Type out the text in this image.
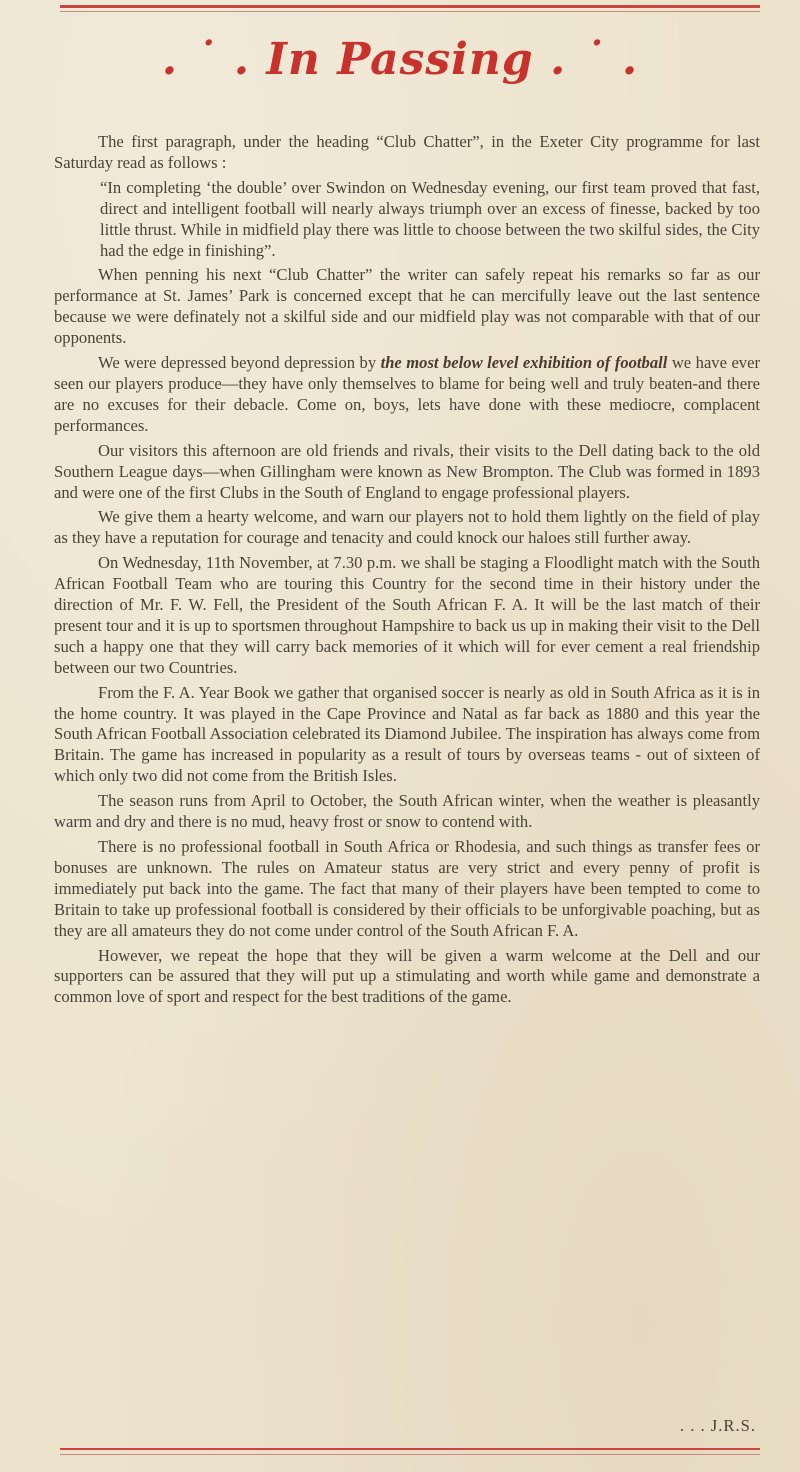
. ˙ . In Passing . ˙ .

The first paragraph, under the heading “Club Chatter”, in the Exeter City programme for last Saturday read as follows :

“In completing ‘the double’ over Swindon on Wednesday evening, our first team proved that fast, direct and intelligent football will nearly always triumph over an excess of finesse, backed by too little thrust. While in midfield play there was little to choose between the two skilful sides, the City had the edge in finishing”.

When penning his next “Club Chatter” the writer can safely repeat his remarks so far as our performance at St. James’ Park is concerned except that he can mercifully leave out the last sentence because we were definately not a skilful side and our midfield play was not comparable with that of our opponents.

We were depressed beyond depression by the most below level exhibition of football we have ever seen our players produce—they have only themselves to blame for being well and truly beaten-and there are no excuses for their debacle. Come on, boys, lets have done with these mediocre, complacent performances.

Our visitors this afternoon are old friends and rivals, their visits to the Dell dating back to the old Southern League days—when Gillingham were known as New Brompton. The Club was formed in 1893 and were one of the first Clubs in the South of England to engage professional players.

We give them a hearty welcome, and warn our players not to hold them lightly on the field of play as they have a reputation for courage and tenacity and could knock our haloes still further away.

On Wednesday, 11th November, at 7.30 p.m. we shall be staging a Floodlight match with the South African Football Team who are touring this Country for the second time in their history under the direction of Mr. F. W. Fell, the President of the South African F. A. It will be the last match of their present tour and it is up to sportsmen throughout Hampshire to back us up in making their visit to the Dell such a happy one that they will carry back memories of it which will for ever cement a real friendship between our two Countries.

From the F. A. Year Book we gather that organised soccer is nearly as old in South Africa as it is in the home country. It was played in the Cape Province and Natal as far back as 1880 and this year the South African Football Association celebrated its Diamond Jubilee. The inspiration has always come from Britain. The game has increased in popularity as a result of tours by overseas teams - out of sixteen of which only two did not come from the British Isles.

The season runs from April to October, the South African winter, when the weather is pleasantly warm and dry and there is no mud, heavy frost or snow to contend with.

There is no professional football in South Africa or Rhodesia, and such things as transfer fees or bonuses are unknown. The rules on Amateur status are very strict and every penny of profit is immediately put back into the game. The fact that many of their players have been tempted to come to Britain to take up professional football is considered by their officials to be unforgivable poaching, but as they are all amateurs they do not come under control of the South African F. A.

However, we repeat the hope that they will be given a warm welcome at the Dell and our supporters can be assured that they will put up a stimulating and worth while game and demonstrate a common love of sport and respect for the best traditions of the game.

. . . J.R.S.
